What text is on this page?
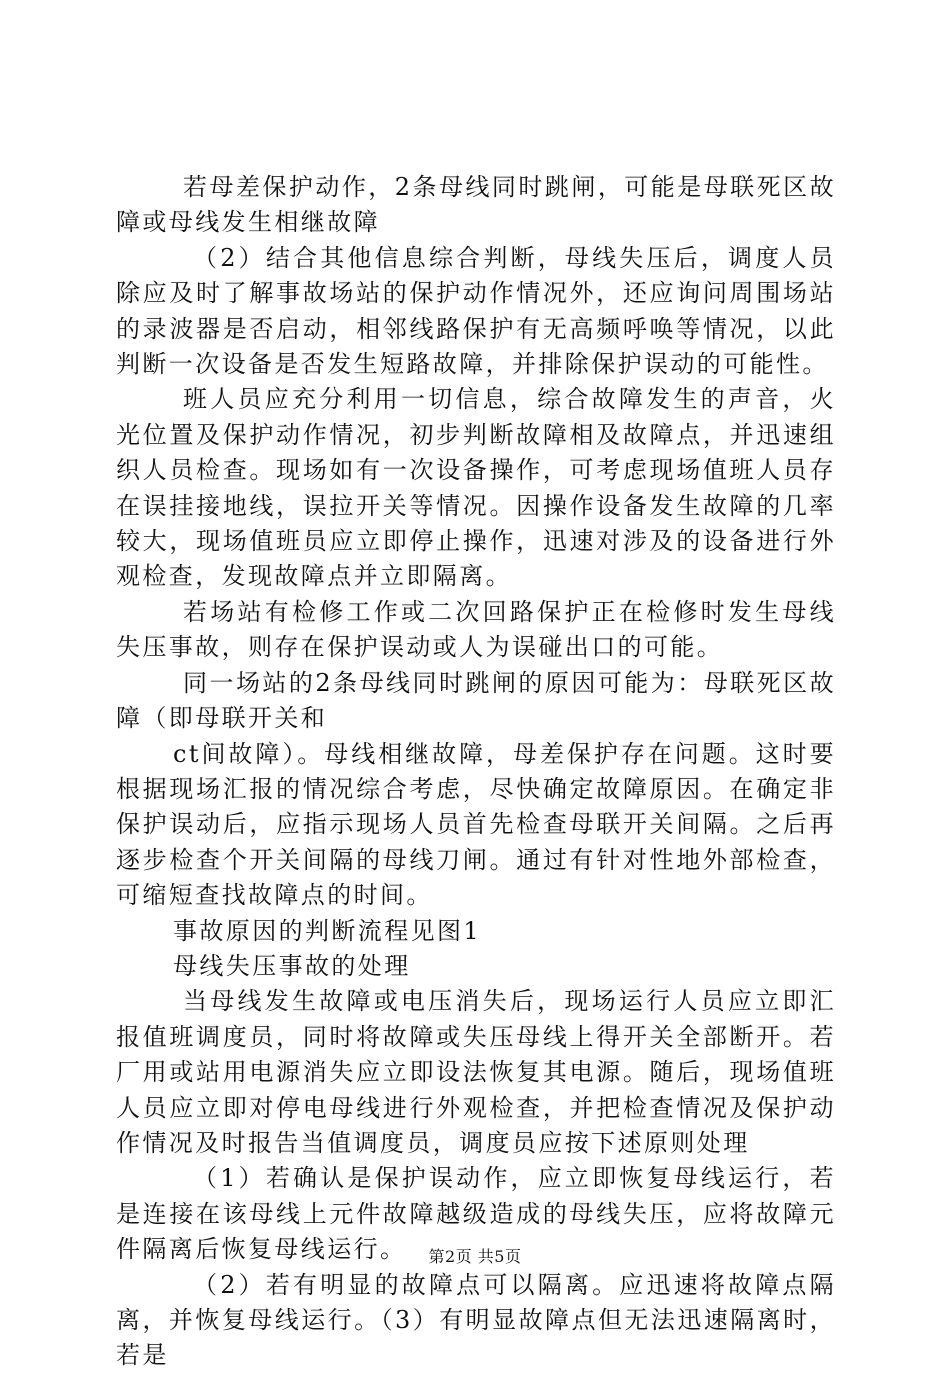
若母差保护动作，2条母线同时跳闸，可能是母联死区故障或母线发生相继故障

（2）结合其他信息综合判断，母线失压后，调度人员除应及时了解事故场站的保护动作情况外，还应询问周围场站的录波器是否启动，相邻线路保护有无高频呼唤等情况，以此判断一次设备是否发生短路故障，并排除保护误动的可能性。

班人员应充分利用一切信息，综合故障发生的声音，火光位置及保护动作情况，初步判断故障相及故障点，并迅速组织人员检查。现场如有一次设备操作，可考虑现场值班人员存在误挂接地线，误拉开关等情况。因操作设备发生故障的几率较大，现场值班员应立即停止操作，迅速对涉及的设备进行外观检查，发现故障点并立即隔离。

若场站有检修工作或二次回路保护正在检修时发生母线失压事故，则存在保护误动或人为误碰出口的可能。

同一场站的2条母线同时跳闸的原因可能为：母联死区故障（即母联开关和

ct间故障）。母线相继故障，母差保护存在问题。这时要根据现场汇报的情况综合考虑，尽快确定故障原因。在确定非保护误动后，应指示现场人员首先检查母联开关间隔。之后再逐步检查个开关间隔的母线刀闸。通过有针对性地外部检查，可缩短查找故障点的时间。

事故原因的判断流程见图1

母线失压事故的处理

当母线发生故障或电压消失后，现场运行人员应立即汇报值班调度员，同时将故障或失压母线上得开关全部断开。若厂用或站用电源消失应立即设法恢复其电源。随后，现场值班人员应立即对停电母线进行外观检查，并把检查情况及保护动作情况及时报告当值调度员，调度员应按下述原则处理

（1）若确认是保护误动作，应立即恢复母线运行，若是连接在该母线上元件故障越级造成的母线失压，应将故障元件隔离后恢复母线运行。

（2）若有明显的故障点可以隔离。应迅速将故障点隔离，并恢复母线运行。（3）有明显故障点但无法迅速隔离时，若是

第2页 共5页
